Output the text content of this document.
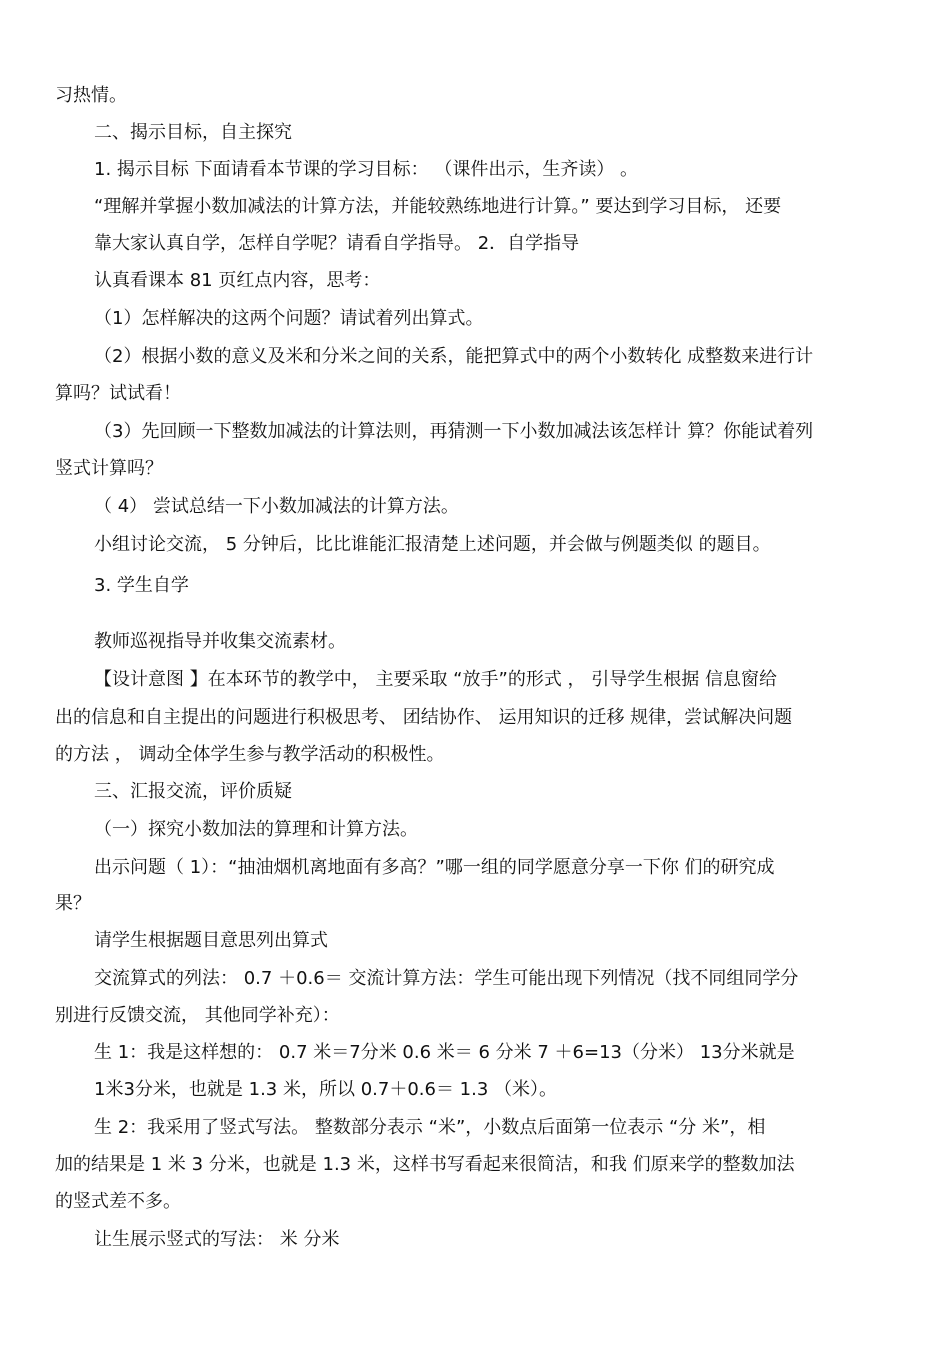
习热情。
二、揭示目标，自主探究
1. 揭示目标 下面请看本节课的学习目标： （课件出示，生齐读） 。
“理解并掌握小数加减法的计算方法，并能较熟练地进行计算。” 要达到学习目标， 还要
靠大家认真自学，怎样自学呢？请看自学指导。 2．自学指导
认真看课本 81 页红点内容，思考：
（1）怎样解决的这两个问题？请试着列出算式。
（2）根据小数的意义及米和分米之间的关系，能把算式中的两个小数转化 成整数来进行计
算吗？试试看！
（3）先回顾一下整数加减法的计算法则，再猜测一下小数加减法该怎样计 算？你能试着列
竖式计算吗？
（ 4） 尝试总结一下小数加减法的计算方法。
小组讨论交流， 5 分钟后，比比谁能汇报清楚上述问题，并会做与例题类似 的题目。
3. 学生自学
教师巡视指导并收集交流素材。
【设计意图 】在本环节的教学中， 主要采取 “放手”的形式 ， 引导学生根据 信息窗给
出的信息和自主提出的问题进行积极思考、 团结协作、 运用知识的迁移 规律，尝试解决问题
的方法 ， 调动全体学生参与教学活动的积极性。
三、汇报交流，评价质疑
（一）探究小数加法的算理和计算方法。
出示问题（ 1）：“抽油烟机离地面有多高？”哪一组的同学愿意分享一下你 们的研究成
果？
请学生根据题目意思列出算式
交流算式的列法： 0.7 ＋0.6＝ 交流计算方法：学生可能出现下列情况（找不同组同学分
别进行反馈交流， 其他同学补充）：
生 1：我是这样想的： 0.7 米＝7分米 0.6 米＝ 6 分米 7 ＋6=13（分米） 13分米就是
1米3分米，也就是 1.3 米，所以 0.7＋0.6＝ 1.3 （米）。
生 2：我采用了竖式写法。 整数部分表示 “米”，小数点后面第一位表示 “分 米”，相
加的结果是 1 米 3 分米，也就是 1.3 米，这样书写看起来很简洁，和我 们原来学的整数加法
的竖式差不多。
让生展示竖式的写法： 米 分米
